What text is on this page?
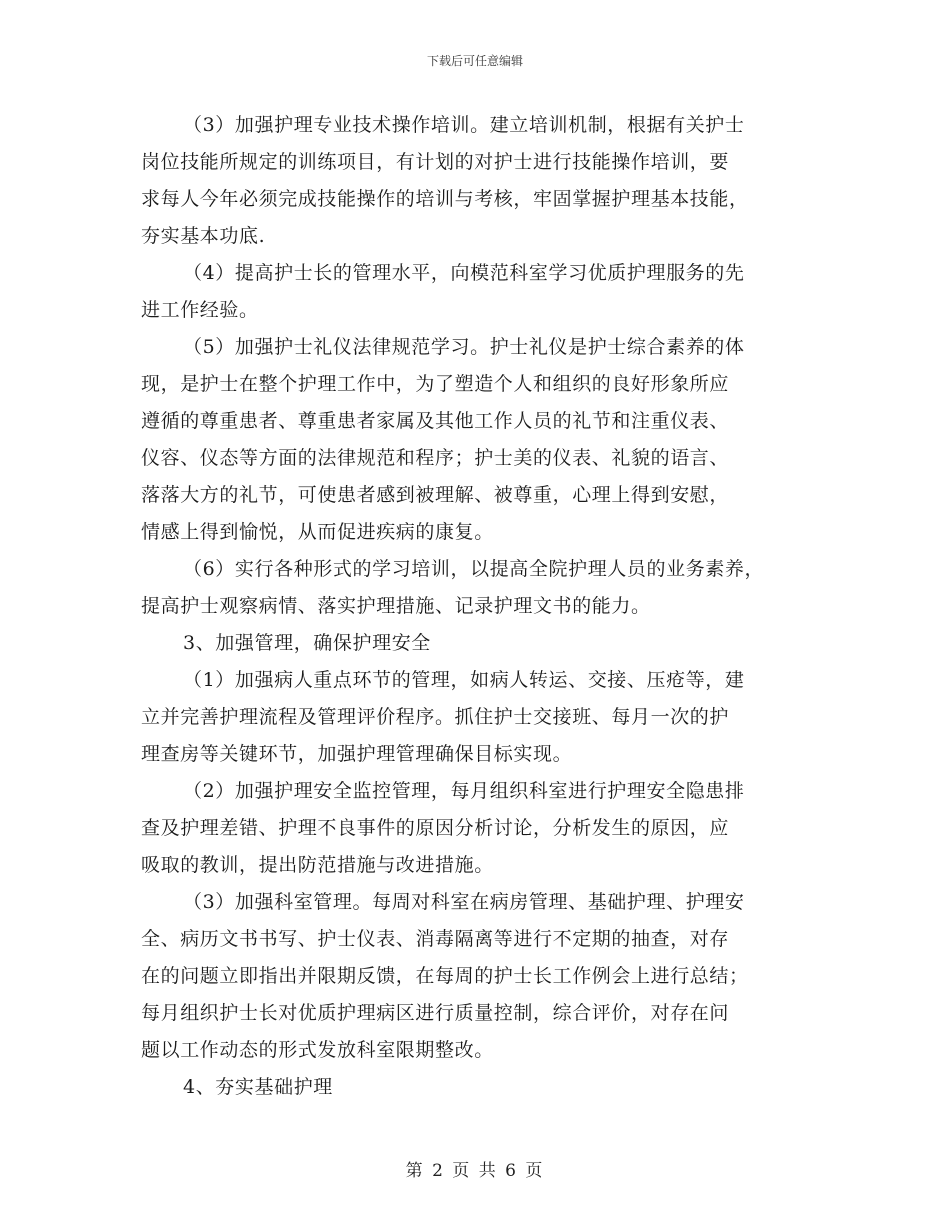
下载后可任意编辑
（3）加强护理专业技术操作培训。建立培训机制，根据有关护士
岗位技能所规定的训练项目，有计划的对护士进行技能操作培训，要
求每人今年必须完成技能操作的培训与考核，牢固掌握护理基本技能，
夯实基本功底.
（4）提高护士长的管理水平，向模范科室学习优质护理服务的先
进工作经验。
（5）加强护士礼仪法律规范学习。护士礼仪是护士综合素养的体
现，是护士在整个护理工作中，为了塑造个人和组织的良好形象所应
遵循的尊重患者、尊重患者家属及其他工作人员的礼节和注重仪表、
仪容、仪态等方面的法律规范和程序；护士美的仪表、礼貌的语言、
落落大方的礼节，可使患者感到被理解、被尊重，心理上得到安慰，
情感上得到愉悦，从而促进疾病的康复。
（6）实行各种形式的学习培训，以提高全院护理人员的业务素养，
提高护士观察病情、落实护理措施、记录护理文书的能力。
3、加强管理，确保护理安全
（1）加强病人重点环节的管理，如病人转运、交接、压疮等，建
立并完善护理流程及管理评价程序。抓住护士交接班、每月一次的护
理查房等关键环节，加强护理管理确保目标实现。
（2）加强护理安全监控管理，每月组织科室进行护理安全隐患排
查及护理差错、护理不良事件的原因分析讨论，分析发生的原因，应
吸取的教训，提出防范措施与改进措施。
（3）加强科室管理。每周对科室在病房管理、基础护理、护理安
全、病历文书书写、护士仪表、消毒隔离等进行不定期的抽查，对存
在的问题立即指出并限期反馈，在每周的护士长工作例会上进行总结；
每月组织护士长对优质护理病区进行质量控制，综合评价，对存在问
题以工作动态的形式发放科室限期整改。
4、夯实基础护理
第 2 页 共 6 页
